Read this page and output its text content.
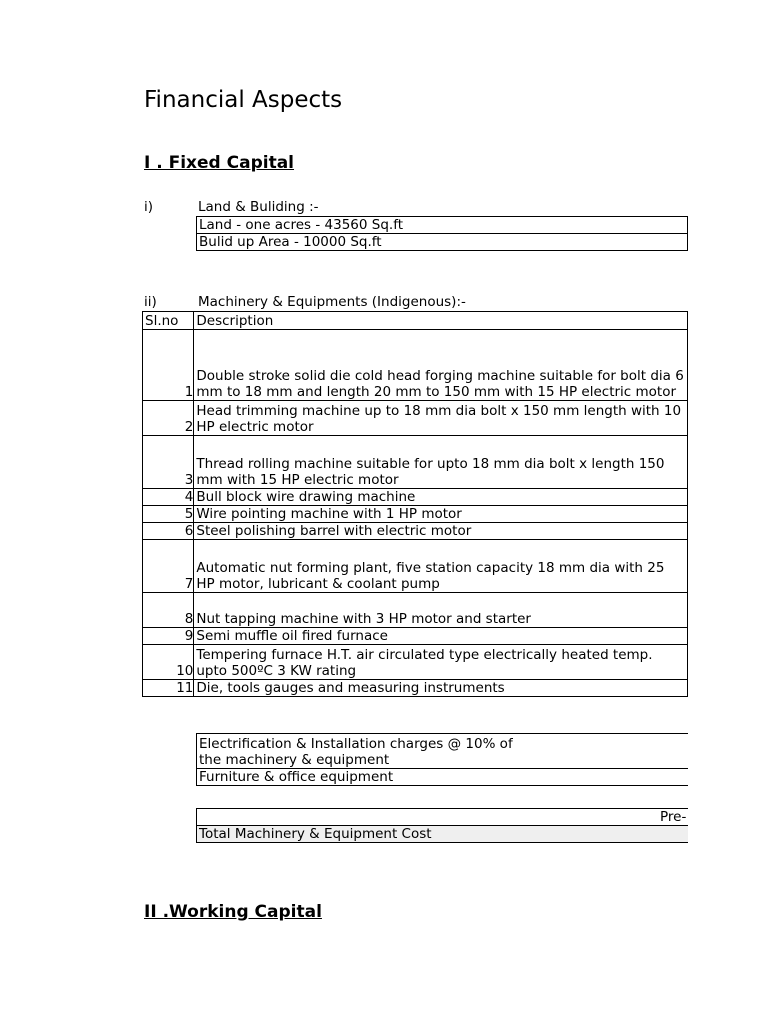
Financial Aspects
I . Fixed Capital
i)	Land & Buliding :-
Land - one acres - 43560 Sq.ft
Bulid up Area - 10000 Sq.ft
ii)	Machinery & Equipments (Indigenous):-
Sl.no	Description
1	Double stroke solid die cold head forging machine suitable for bolt dia 6 mm to 18 mm and length 20 mm to 150 mm with 15 HP electric motor
2	Head trimming machine up to 18 mm dia bolt x 150 mm length with 10 HP electric motor
3	Thread rolling machine suitable for upto 18 mm dia bolt x length 150 mm with 15 HP electric motor
4	Bull block wire drawing machine
5	Wire pointing machine with 1 HP motor
6	Steel polishing barrel with electric motor
7	Automatic nut forming plant, five station capacity 18 mm dia with 25 HP motor, lubricant & coolant pump
8	Nut tapping machine with 3 HP motor and starter
9	Semi muffle oil fired furnace
10	Tempering furnace H.T. air circulated type electrically heated temp. upto 500ºC 3 KW rating
11	Die, tools gauges and measuring instruments
Electrification & Installation charges @ 10% of the machinery & equipment
Furniture & office equipment
Pre-
Total Machinery & Equipment Cost
II .Working Capital
